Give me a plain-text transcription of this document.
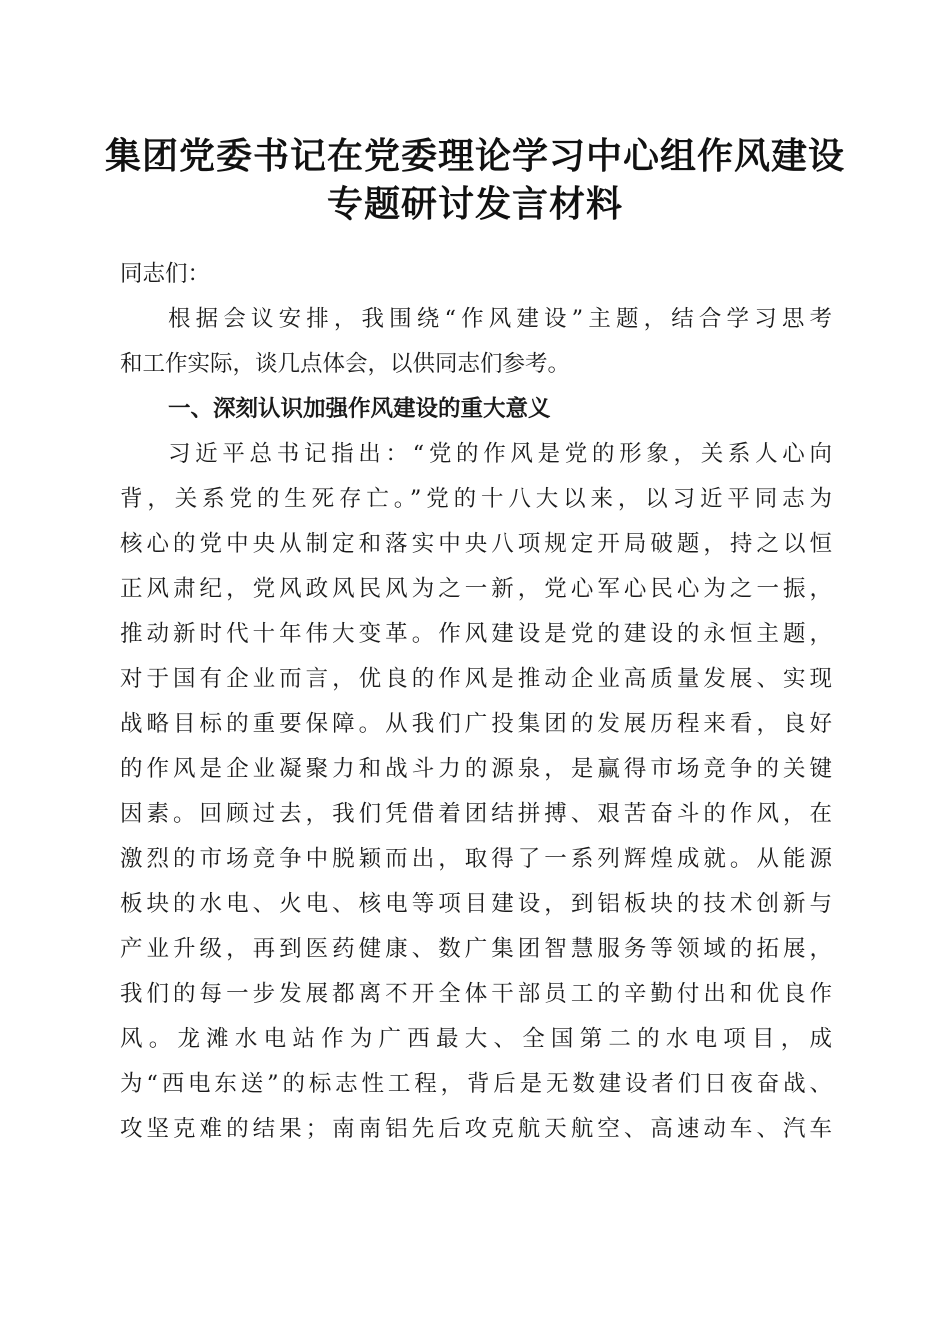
集团党委书记在党委理论学习中心组作风建设
专题研讨发言材料
同志们：
根据会议安排，我围绕“作风建设”主题，结合学习思考
和工作实际，谈几点体会，以供同志们参考。
一、深刻认识加强作风建设的重大意义
习近平总书记指出：“党的作风是党的形象，关系人心向
背，关系党的生死存亡。”党的十八大以来，以习近平同志为
核心的党中央从制定和落实中央八项规定开局破题，持之以恒
正风肃纪，党风政风民风为之一新，党心军心民心为之一振，
推动新时代十年伟大变革。作风建设是党的建设的永恒主题，
对于国有企业而言，优良的作风是推动企业高质量发展、实现
战略目标的重要保障。从我们广投集团的发展历程来看，良好
的作风是企业凝聚力和战斗力的源泉，是赢得市场竞争的关键
因素。回顾过去，我们凭借着团结拼搏、艰苦奋斗的作风，在
激烈的市场竞争中脱颖而出，取得了一系列辉煌成就。从能源
板块的水电、火电、核电等项目建设，到铝板块的技术创新与
产业升级，再到医药健康、数广集团智慧服务等领域的拓展，
我们的每一步发展都离不开全体干部员工的辛勤付出和优良作
风。龙滩水电站作为广西最大、全国第二的水电项目，成
为“西电东送”的标志性工程，背后是无数建设者们日夜奋战、
攻坚克难的结果；南南铝先后攻克航天航空、高速动车、汽车
